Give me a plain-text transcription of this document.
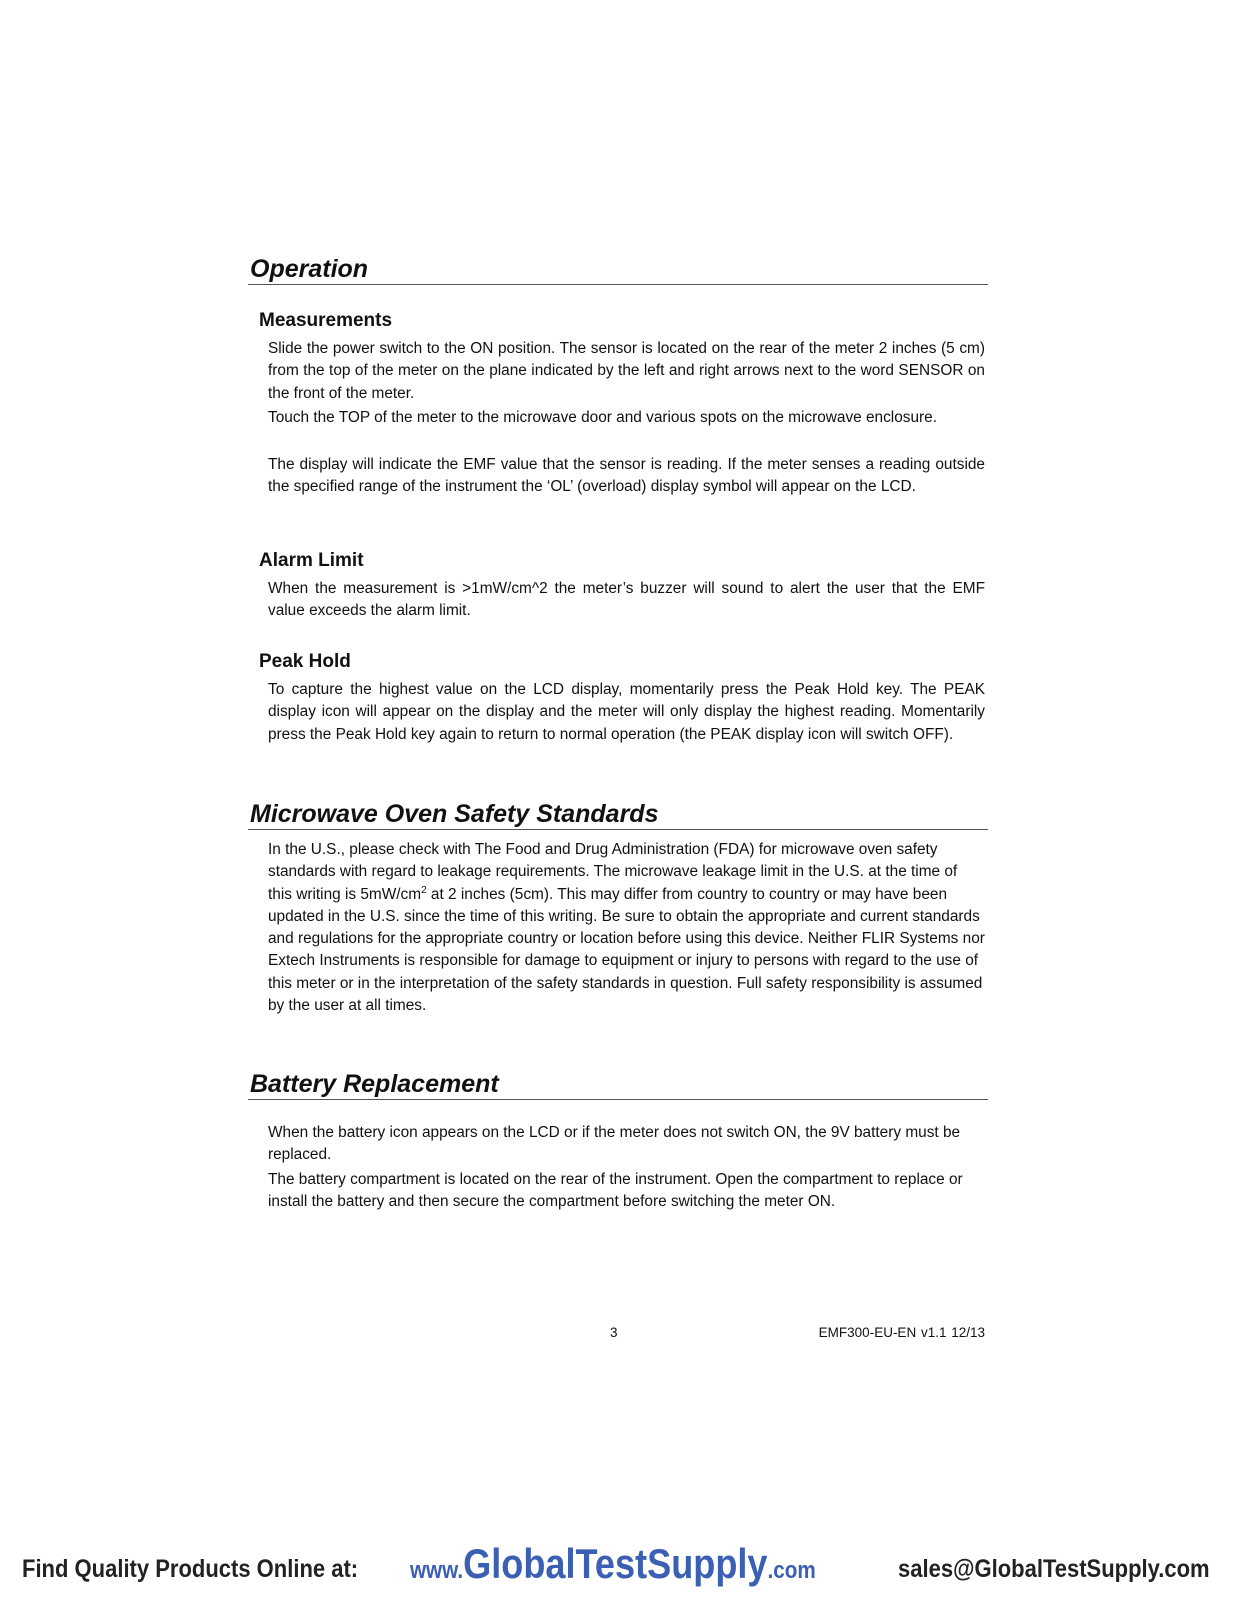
Operation
Measurements

Slide the power switch to the ON position. The sensor is located on the rear of the meter 2 inches (5 cm) from the top of the meter on the plane indicated by the left and right arrows next to the word SENSOR on the front of the meter.

Touch the TOP of the meter to the microwave door and various spots on the microwave enclosure.

The display will indicate the EMF value that the sensor is reading. If the meter senses a reading outside the specified range of the instrument the ‘OL’ (overload) display symbol will appear on the LCD.

Alarm Limit

When the measurement is >1mW/cm^2 the meter’s buzzer will sound to alert the user that the EMF value exceeds the alarm limit.

Peak Hold

To capture the highest value on the LCD display, momentarily press the Peak Hold key. The PEAK display icon will appear on the display and the meter will only display the highest reading. Momentarily press the Peak Hold key again to return to normal operation (the PEAK display icon will switch OFF).

Microwave Oven Safety Standards

In the U.S., please check with The Food and Drug Administration (FDA) for microwave oven safety standards with regard to leakage requirements. The microwave leakage limit in the U.S. at the time of this writing is $5mW/cm^2$ at 2 inches (5cm). This may differ from country to country or may have been updated in the U.S. since the time of this writing. Be sure to obtain the appropriate and current standards and regulations for the appropriate country or location before using this device. Neither FLIR Systems nor Extech Instruments is responsible for damage to equipment or injury to persons with regard to the use of this meter or in the interpretation of the safety standards in question. Full safety responsibility is assumed by the user at all times.

Battery Replacement

When the battery icon appears on the LCD or if the meter does not switch ON, the 9V battery must be replaced.

The battery compartment is located on the rear of the instrument. Open the compartment to replace or install the battery and then secure the compartment before switching the meter ON.

3	EMF300-EU-EN v1.1 12/13
Find Quality Products Online at: www.GlobalTestSupply.com	sales@GlobalTestSupply.com
